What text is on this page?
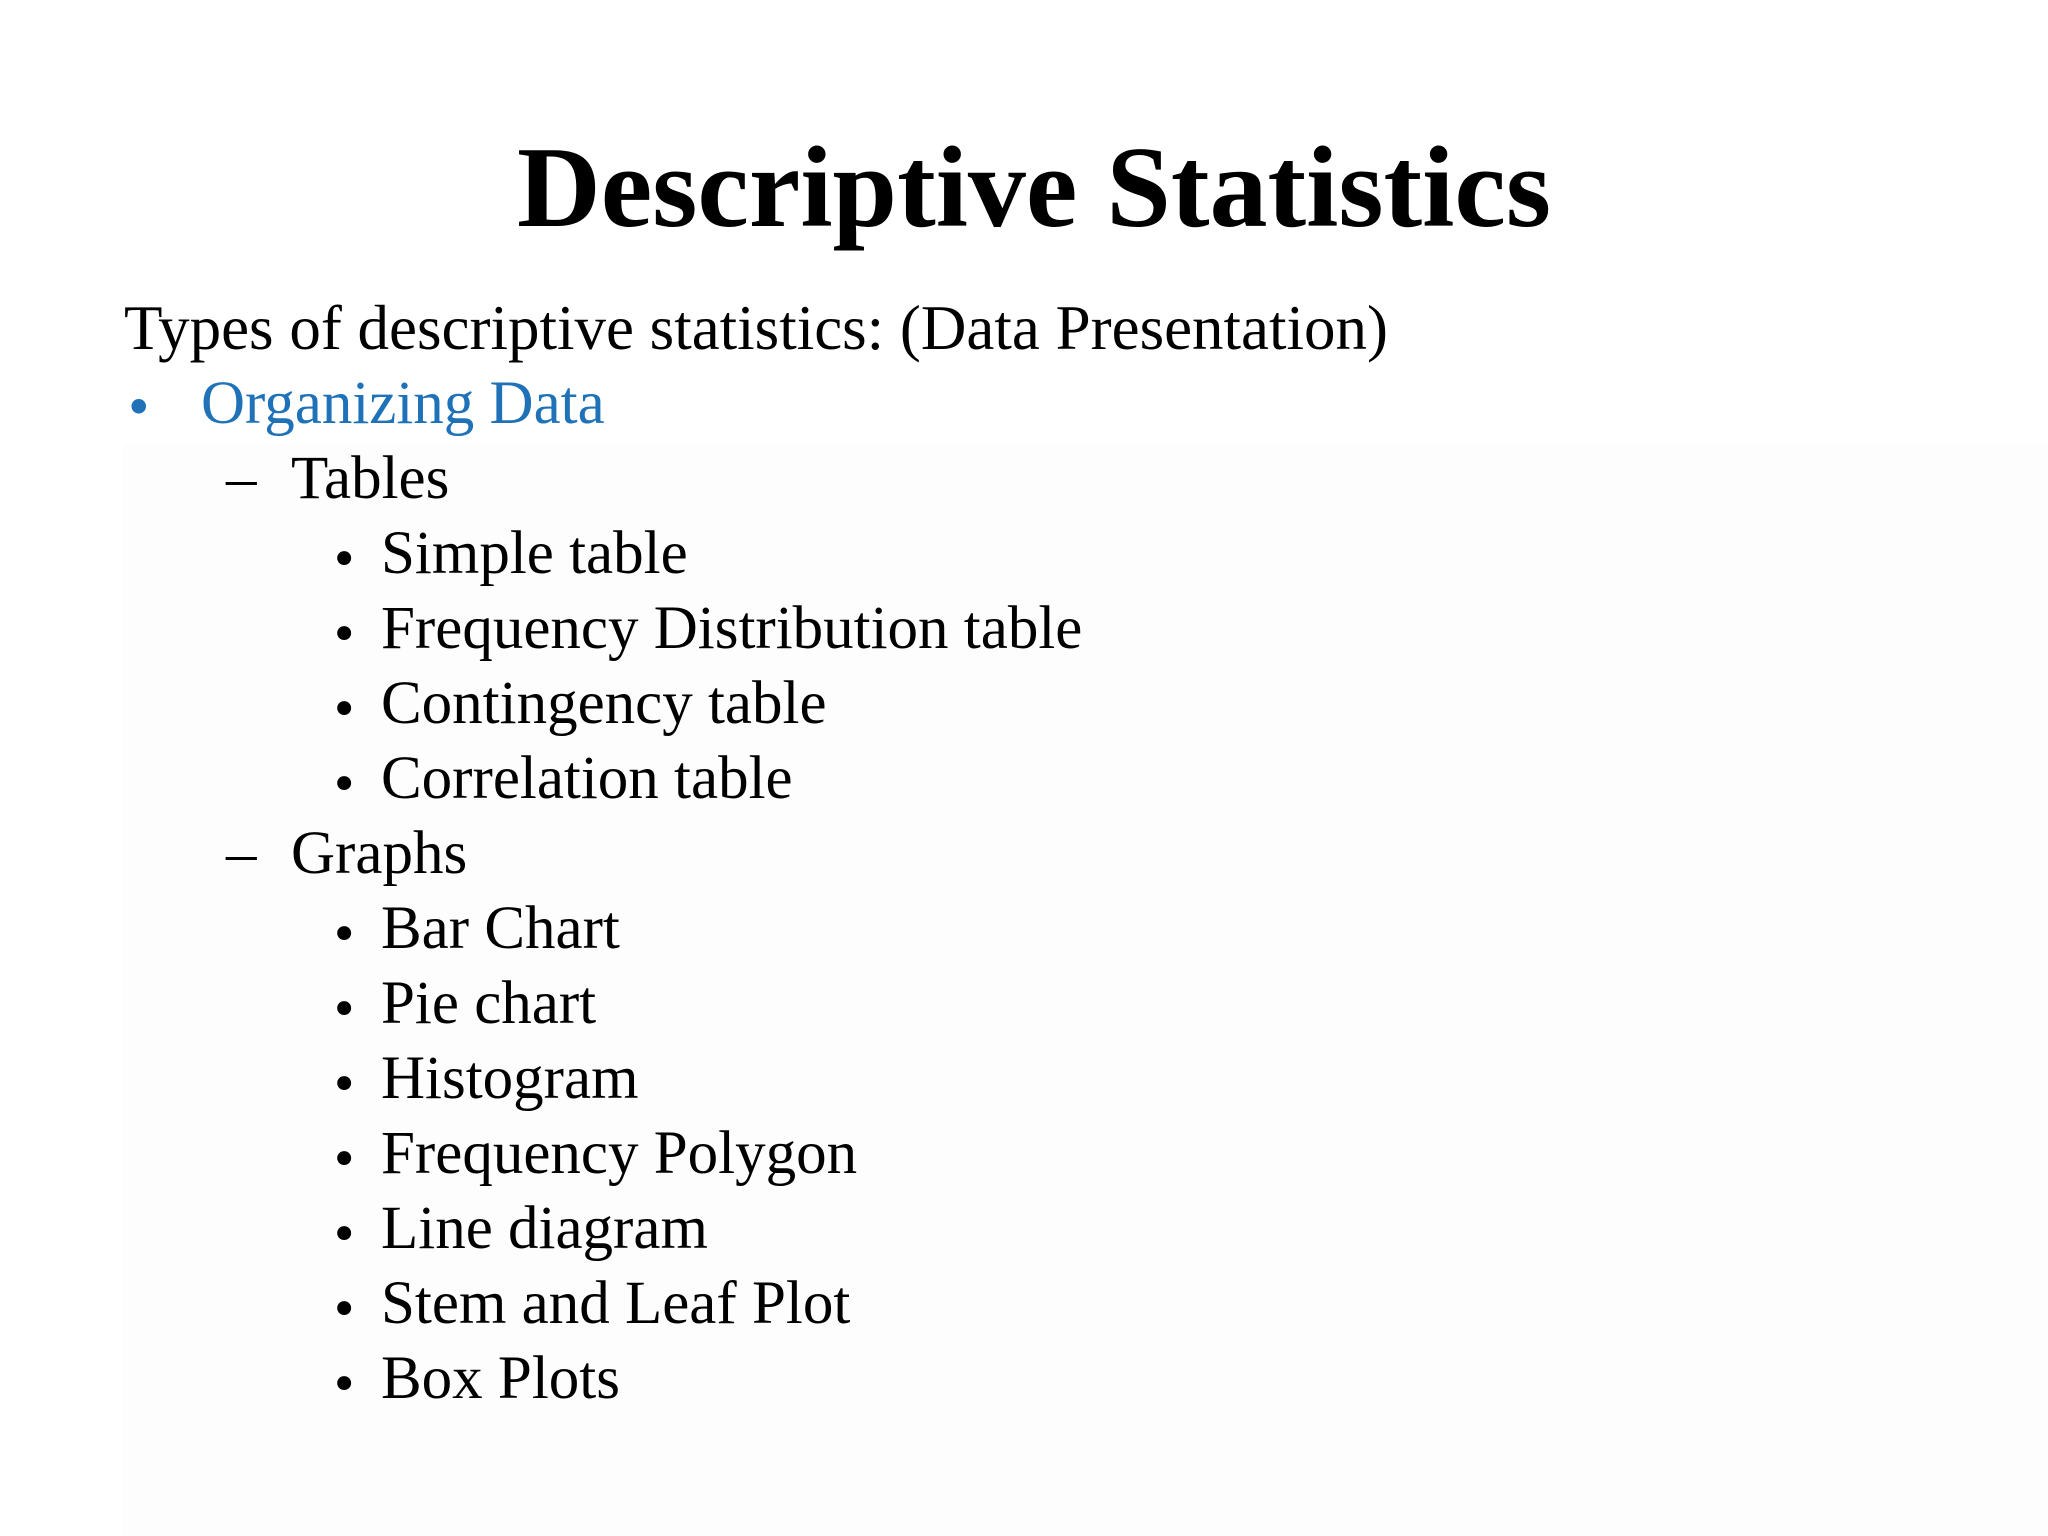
Descriptive Statistics
Types of descriptive statistics: (Data Presentation)
• Organizing Data
– Tables
• Simple table
• Frequency Distribution table
• Contingency table
• Correlation table
– Graphs
• Bar Chart
• Pie chart
• Histogram
• Frequency Polygon
• Line diagram
• Stem and Leaf Plot
• Box Plots
